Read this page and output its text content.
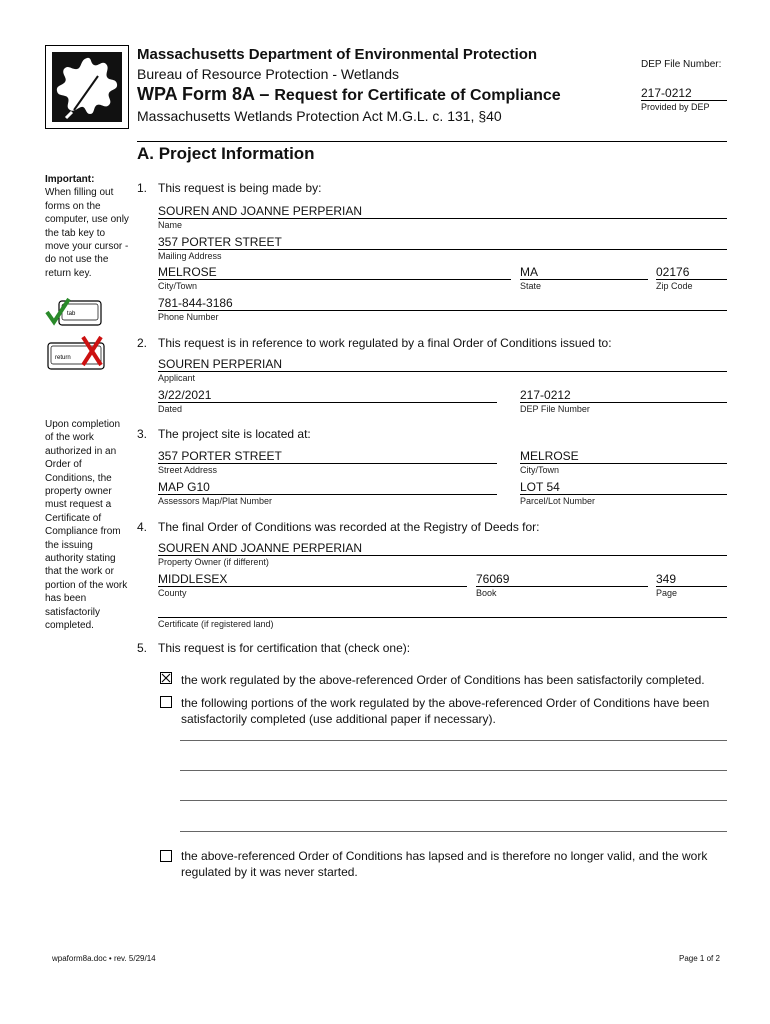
Massachusetts Department of Environmental Protection
Bureau of Resource Protection - Wetlands
WPA Form 8A – Request for Certificate of Compliance
Massachusetts Wetlands Protection Act M.G.L. c. 131, §40
DEP File Number:
217-0212
Provided by DEP
A. Project Information
Important:
When filling out forms on the computer, use only the tab key to move your cursor - do not use the return key.
tab
return
Upon completion of the work authorized in an Order of Conditions, the property owner must request a Certificate of Compliance from the issuing authority stating that the work or portion of the work has been satisfactorily completed.
1. This request is being made by:
SOUREN AND JOANNE PERPERIAN
Name
357 PORTER STREET
Mailing Address
MELROSE
City/Town
MA
State
02176
Zip Code
781-844-3186
Phone Number
2. This request is in reference to work regulated by a final Order of Conditions issued to:
SOUREN PERPERIAN
Applicant
3/22/2021
Dated
217-0212
DEP File Number
3. The project site is located at:
357 PORTER STREET
Street Address
MELROSE
City/Town
MAP G10
Assessors Map/Plat Number
LOT 54
Parcel/Lot Number
4. The final Order of Conditions was recorded at the Registry of Deeds for:
SOUREN AND JOANNE PERPERIAN
Property Owner (if different)
MIDDLESEX
County
76069
Book
349
Page
Certificate (if registered land)
5. This request is for certification that (check one):
the work regulated by the above-referenced Order of Conditions has been satisfactorily completed.
the following portions of the work regulated by the above-referenced Order of Conditions have been satisfactorily completed (use additional paper if necessary).
the above-referenced Order of Conditions has lapsed and is therefore no longer valid, and the work regulated by it was never started.
wpaform8a.doc • rev. 5/29/14	Page 1 of 2
